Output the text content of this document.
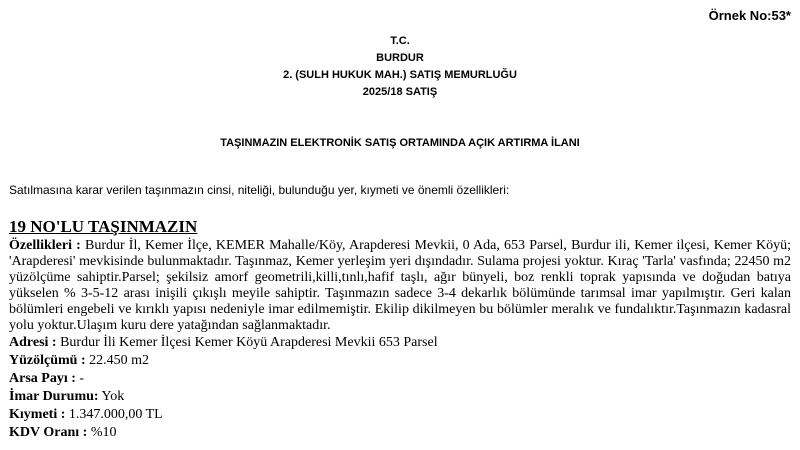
Örnek No:53*
T.C.
BURDUR
2. (SULH HUKUK MAH.) SATIŞ MEMURLUĞU
2025/18 SATIŞ
TAŞINMAZIN ELEKTRONİK SATIŞ ORTAMINDA AÇIK ARTIRMA İLANI
Satılmasına karar verilen taşınmazın cinsi, niteliği, bulunduğu yer, kıymeti ve önemli özellikleri:
19 NO'LU TAŞINMAZIN
Özellikleri : Burdur İl, Kemer İlçe, KEMER Mahalle/Köy, Arapderesi Mevkii, 0 Ada, 653 Parsel, Burdur ili, Kemer ilçesi, Kemer Köyü; 'Arapderesi' mevkisinde bulunmaktadır. Taşınmaz, Kemer yerleşim yeri dışındadır. Sulama projesi yoktur. Kıraç 'Tarla' vasfında; 22450 m2 yüzölçüme sahiptir.Parsel; şekilsiz amorf geometrili,killi,tınlı,hafif taşlı, ağır bünyeli, boz renkli toprak yapısında ve doğudan batıya yükselen % 3-5-12 arası inişili çıkışlı meyile sahiptir. Taşınmazın sadece 3-4 dekarlık bölümünde tarımsal imar yapılmıştır. Geri kalan bölümleri engebeli ve kırıklı yapısı nedeniyle imar edilmemiştir. Ekilip dikilmeyen bu bölümler meralık ve fundalıktır.Taşınmazın kadasral yolu yoktur.Ulaşım kuru dere yatağından sağlanmaktadır.
Adresi : Burdur İli Kemer İlçesi Kemer Köyü Arapderesi Mevkii 653 Parsel
Yüzölçümü : 22.450 m2
Arsa Payı : -
İmar Durumu: Yok
Kıymeti : 1.347.000,00 TL
KDV Oranı : %10
